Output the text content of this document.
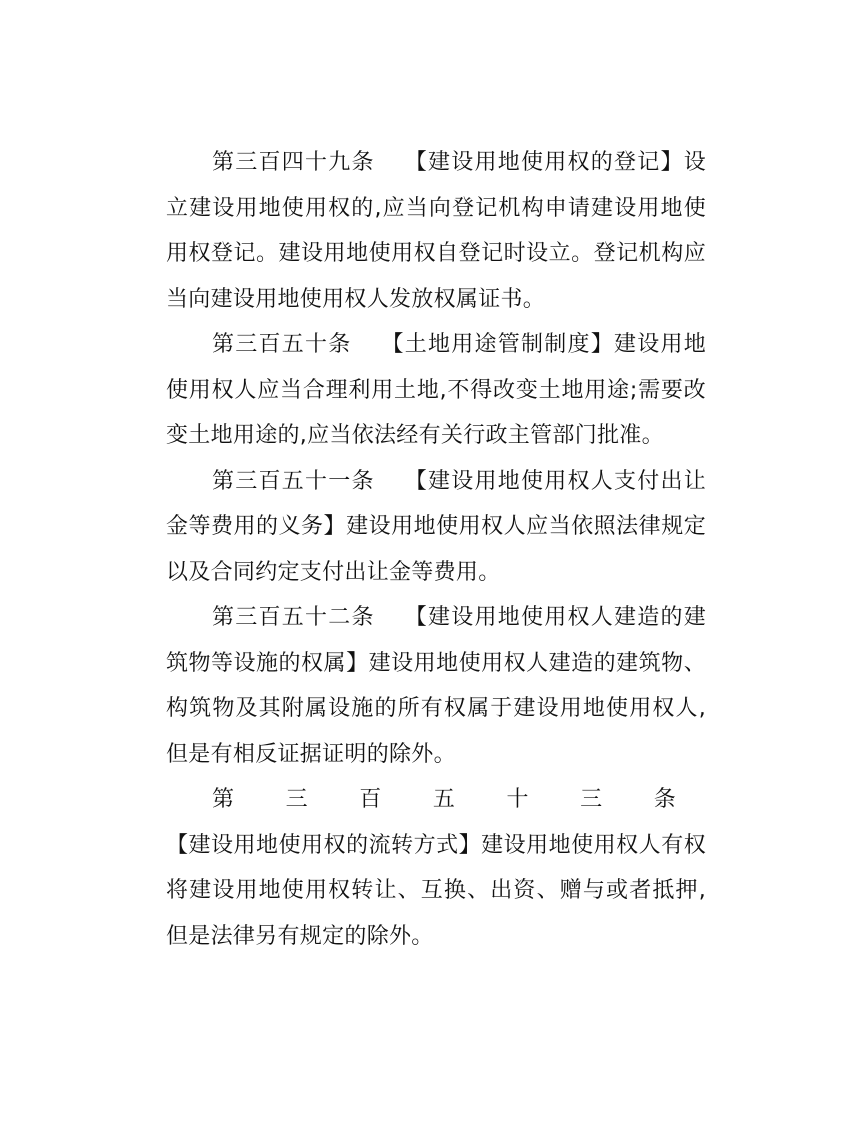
第三百四十九条 【建设用地使用权的登记】设立建设用地使用权的,应当向登记机构申请建设用地使用权登记。建设用地使用权自登记时设立。登记机构应当向建设用地使用权人发放权属证书。

第三百五十条 【土地用途管制制度】建设用地使用权人应当合理利用土地,不得改变土地用途;需要改变土地用途的,应当依法经有关行政主管部门批准。

第三百五十一条 【建设用地使用权人支付出让金等费用的义务】建设用地使用权人应当依照法律规定以及合同约定支付出让金等费用。

第三百五十二条 【建设用地使用权人建造的建筑物等设施的权属】建设用地使用权人建造的建筑物、构筑物及其附属设施的所有权属于建设用地使用权人,但是有相反证据证明的除外。

第三百五十三条【建设用地使用权的流转方式】建设用地使用权人有权将建设用地使用权转让、互换、出资、赠与或者抵押,但是法律另有规定的除外。
